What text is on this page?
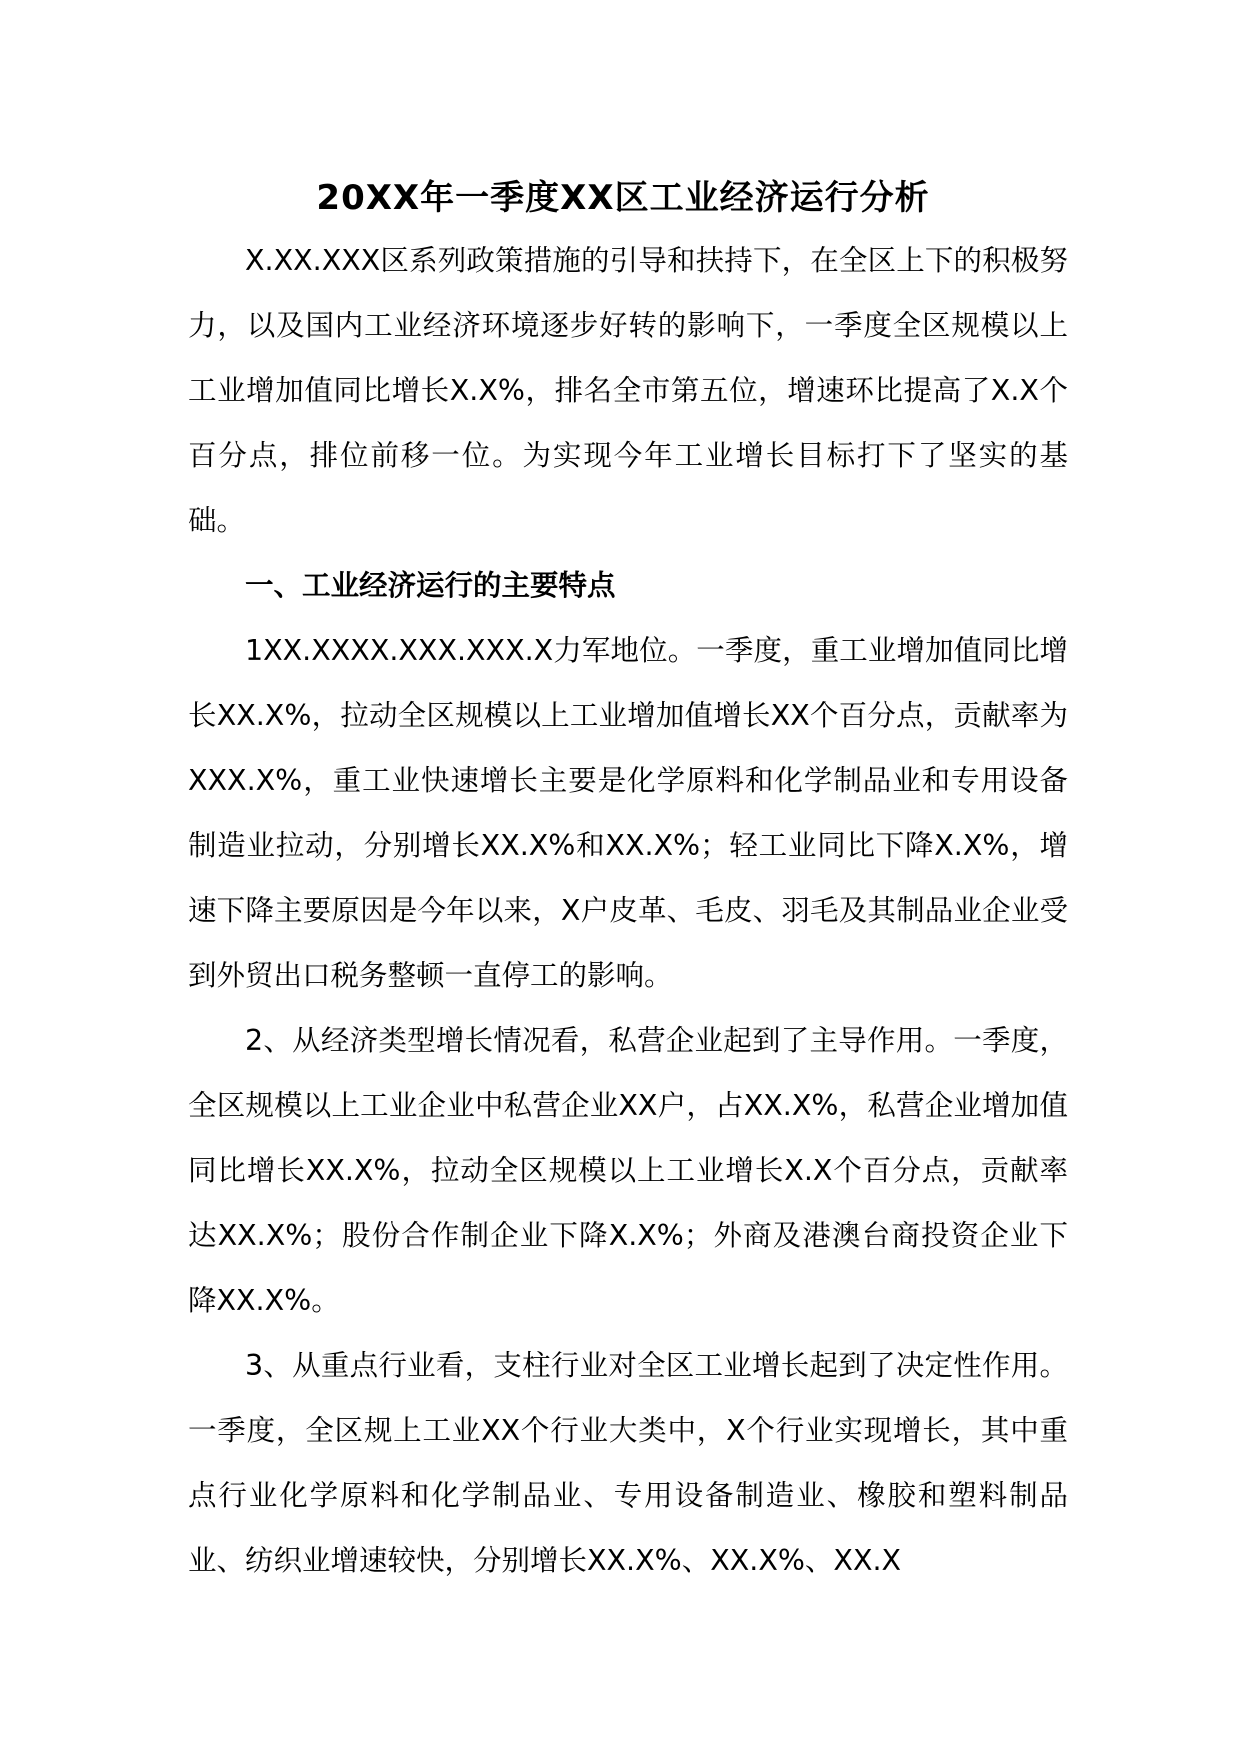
20XX年一季度XX区工业经济运行分析

X.XX.XXX区系列政策措施的引导和扶持下，在全区上下的积极努力，以及国内工业经济环境逐步好转的影响下，一季度全区规模以上工业增加值同比增长X.X%，排名全市第五位，增速环比提高了X.X个百分点，排位前移一位。为实现今年工业增长目标打下了坚实的基础。

一、工业经济运行的主要特点

1XX.XXXX.XXX.XXX.X力军地位。一季度，重工业增加值同比增长XX.X%，拉动全区规模以上工业增加值增长XX个百分点，贡献率为XXX.X%，重工业快速增长主要是化学原料和化学制品业和专用设备制造业拉动，分别增长XX.X%和XX.X%；轻工业同比下降X.X%，增速下降主要原因是今年以来，X户皮革、毛皮、羽毛及其制品业企业受到外贸出口税务整顿一直停工的影响。

2、从经济类型增长情况看，私营企业起到了主导作用。一季度，全区规模以上工业企业中私营企业XX户，占XX.X%，私营企业增加值同比增长XX.X%，拉动全区规模以上工业增长X.X个百分点，贡献率达XX.X%；股份合作制企业下降X.X%；外商及港澳台商投资企业下降XX.X%。

3、从重点行业看，支柱行业对全区工业增长起到了决定性作用。一季度，全区规上工业XX个行业大类中，X个行业实现增长，其中重点行业化学原料和化学制品业、专用设备制造业、橡胶和塑料制品业、纺织业增速较快，分别增长XX.X%、XX.X%、XX.X
